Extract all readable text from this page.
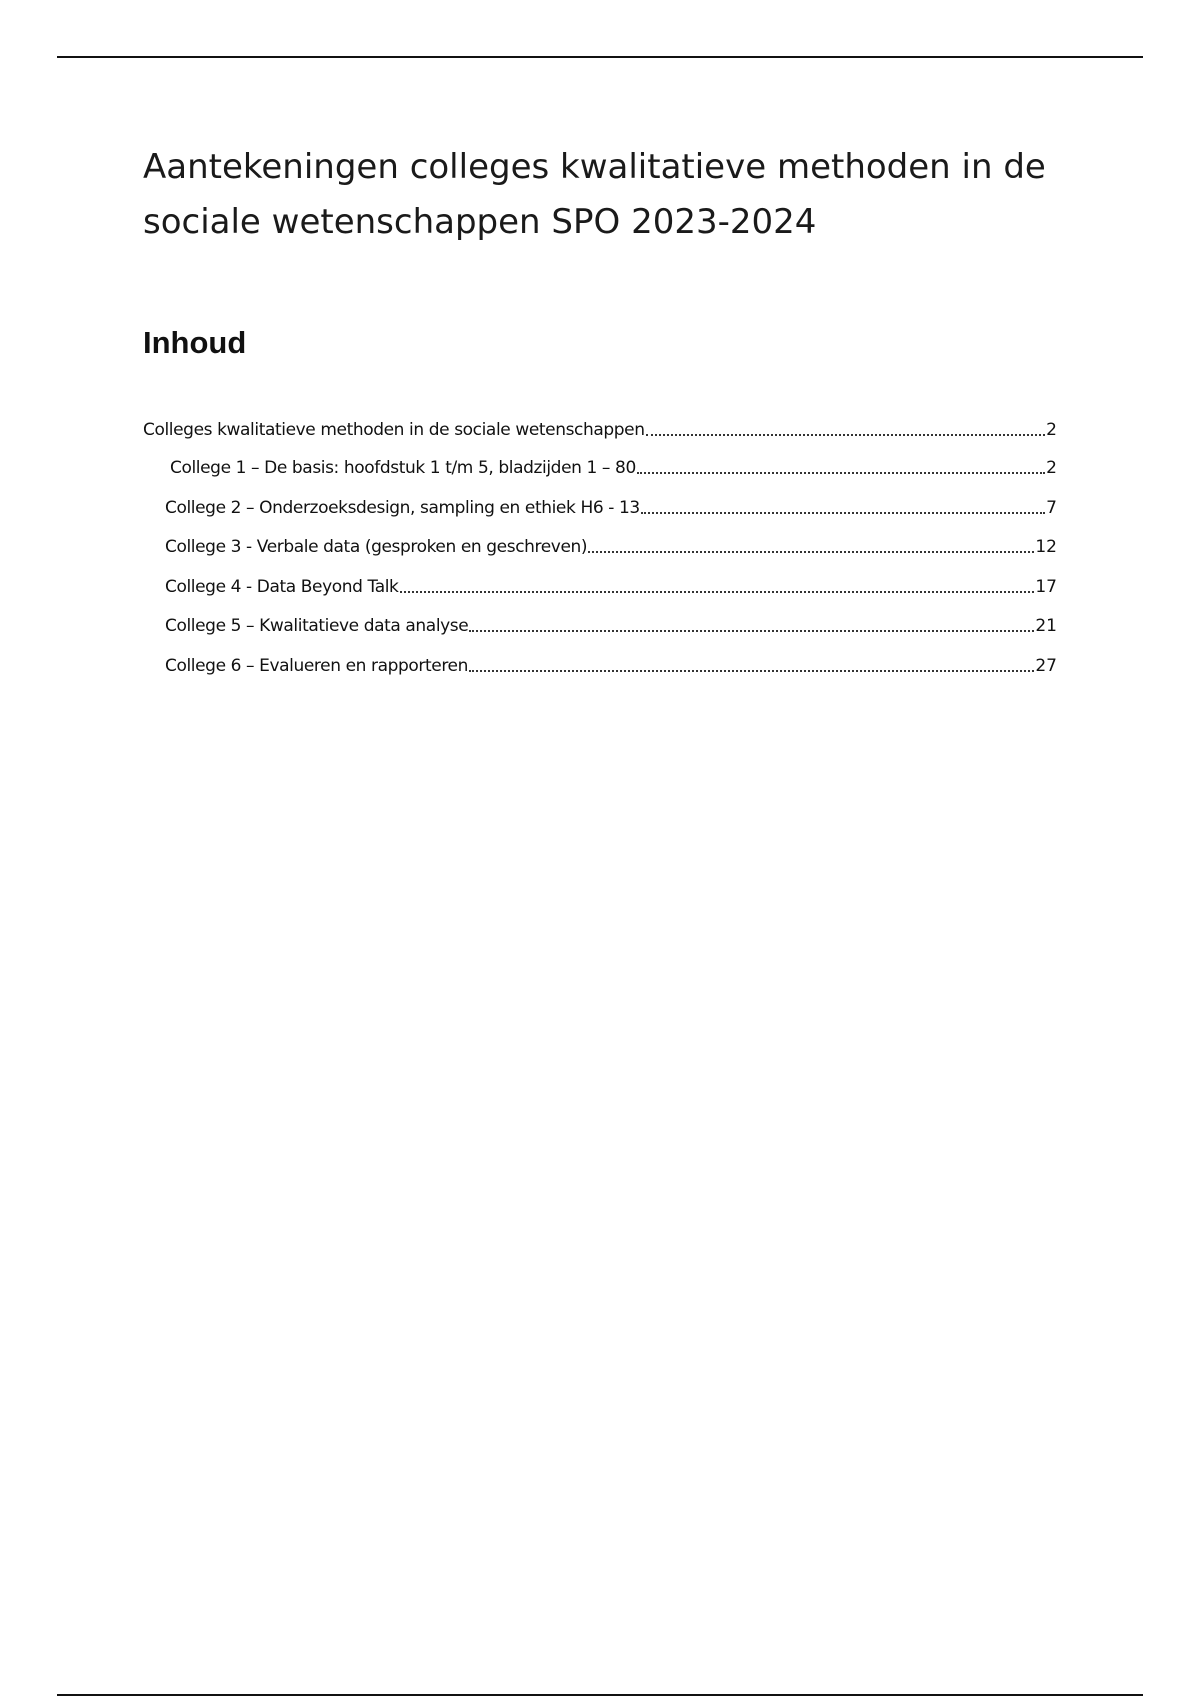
Aantekeningen colleges kwalitatieve methoden in de sociale wetenschappen SPO 2023-2024
Inhoud
Colleges kwalitatieve methoden in de sociale wetenschappen	2
College 1 – De basis: hoofdstuk 1 t/m 5, bladzijden 1 – 80	2
College 2 – Onderzoeksdesign, sampling en ethiek H6 - 13	7
College 3 - Verbale data (gesproken en geschreven)	12
College 4 - Data Beyond Talk	17
College 5 – Kwalitatieve data analyse	21
College 6 – Evalueren en rapporteren	27
